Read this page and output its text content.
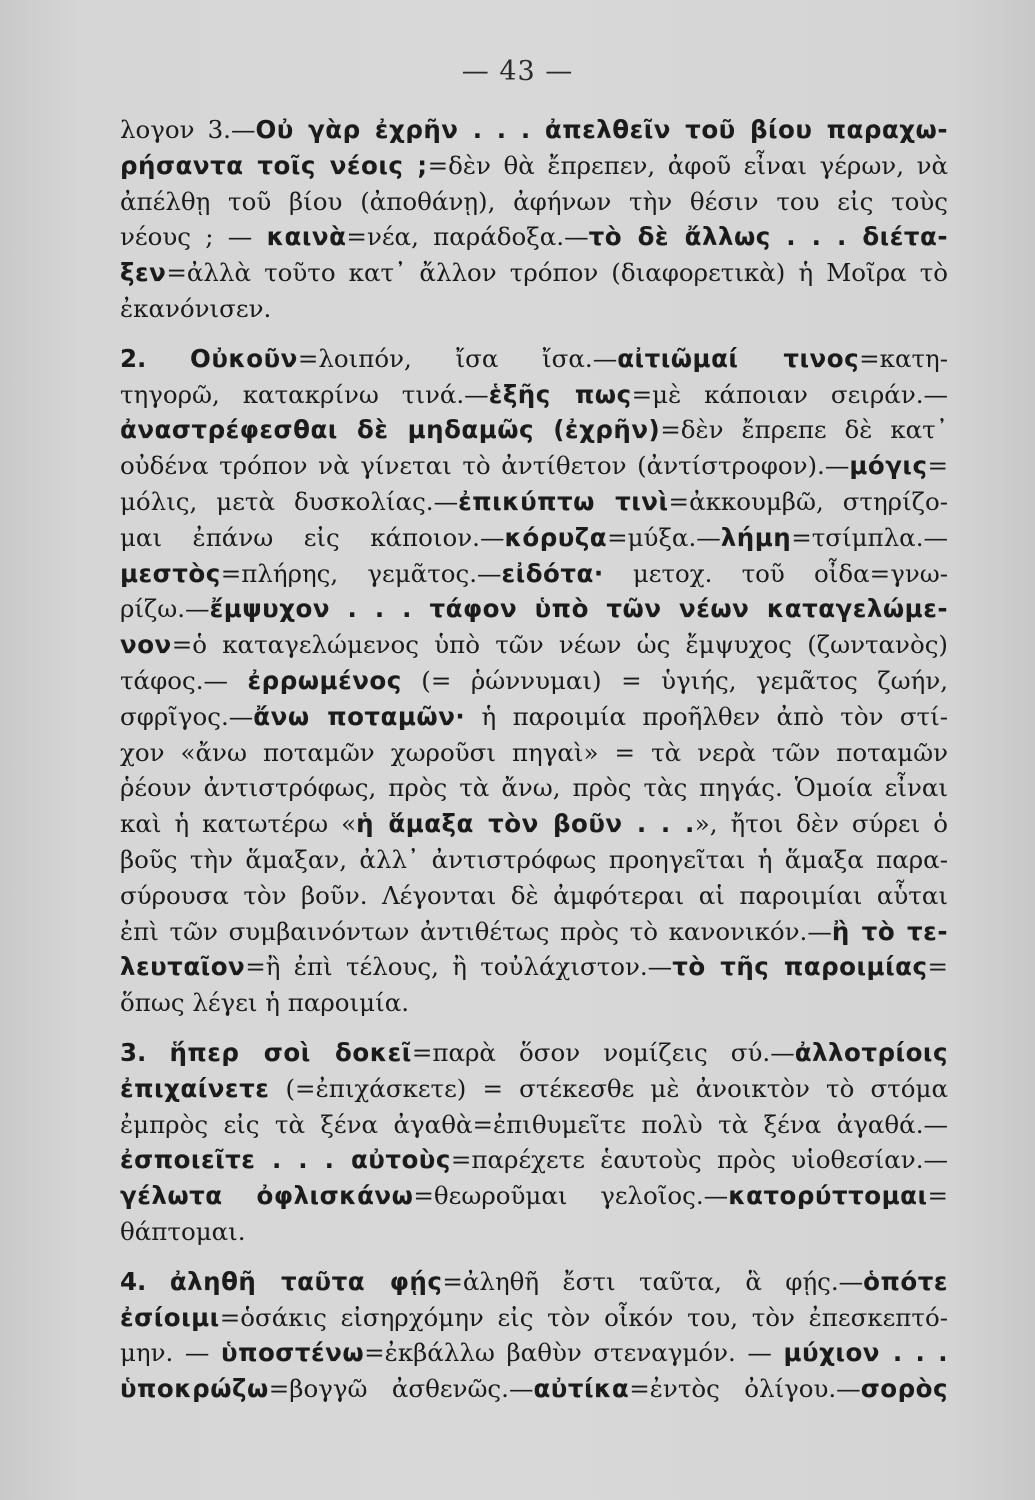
— 43 —
λογον 3.—Οὐ γὰρ ἐχρῆν . . . ἀπελθεῖν τοῦ βίου παραχω-
ρήσαντα τοῖς νέοις ;=δὲν θὰ ἔπρεπεν, ἀφοῦ εἶναι γέρων, νὰ
ἀπέλθῃ τοῦ βίου (ἀποθάνῃ), ἀφήνων τὴν θέσιν του εἰς τοὺς
νέους ; — καινὰ=νέα, παράδοξα.—τὸ δὲ ἄλλως . . . διέτα-
ξεν=ἀλλὰ τοῦτο κατ᾽ ἄλλον τρόπον (διαφορετικὰ) ἡ Μοῖρα τὸ
ἐκανόνισεν.
2. Οὐκοῦν=λοιπόν, ἴσα ἴσα.—αἰτιῶμαί τινος=κατη-
τηγορῶ, κατακρίνω τινά.—ἑξῆς πως=μὲ κάποιαν σειράν.—
ἀναστρέφεσθαι δὲ μηδαμῶς (ἐχρῆν)=δὲν ἔπρεπε δὲ κατ᾽
οὐδένα τρόπον νὰ γίνεται τὸ ἀντίθετον (ἀντίστροφον).—μόγις=
μόλις, μετὰ δυσκολίας.—ἐπικύπτω τινὶ=ἀκκουμβῶ, στηρίζο-
μαι ἐπάνω εἰς κάποιον.—κόρυζα=μύξα.—λήμη=τσίμπλα.—
μεστὸς=πλήρης, γεμᾶτος.—εἰδότα· μετοχ. τοῦ οἶδα=γνω-
ρίζω.—ἔμψυχον . . . τάφον ὑπὸ τῶν νέων καταγελώμε-
νον=ὁ καταγελώμενος ὑπὸ τῶν νέων ὡς ἔμψυχος (ζωντανὸς)
τάφος.— ἐρρωμένος (= ῥώννυμαι) = ὑγιής, γεμᾶτος ζωήν,
σφρῖγος.—ἄνω ποταμῶν· ἡ παροιμία προῆλθεν ἀπὸ τὸν στί-
χον «ἄνω ποταμῶν χωροῦσι πηγαὶ» = τὰ νερὰ τῶν ποταμῶν
ῥέουν ἀντιστρόφως, πρὸς τὰ ἄνω, πρὸς τὰς πηγάς. Ὁμοία εἶναι
καὶ ἡ κατωτέρω «ἡ ἅμαξα τὸν βοῦν . . .», ἤτοι δὲν σύρει ὁ
βοῦς τὴν ἅμαξαν, ἀλλ᾽ ἀντιστρόφως προηγεῖται ἡ ἅμαξα παρα-
σύρουσα τὸν βοῦν. Λέγονται δὲ ἀμφότεραι αἱ παροιμίαι αὗται
ἐπὶ τῶν συμβαινόντων ἀντιθέτως πρὸς τὸ κανονικόν.—ἢ τὸ τε-
λευταῖον=ἢ ἐπὶ τέλους, ἢ τοὐλάχιστον.—τὸ τῆς παροιμίας=
ὅπως λέγει ἡ παροιμία.
3. ἥπερ σοὶ δοκεῖ=παρὰ ὅσον νομίζεις σύ.—ἀλλοτρίοις
ἐπιχαίνετε (=ἐπιχάσκετε) = στέκεσθε μὲ ἀνοικτὸν τὸ στόμα
ἐμπρὸς εἰς τὰ ξένα ἀγαθὰ=ἐπιθυμεῖτε πολὺ τὰ ξένα ἀγαθά.—
ἐσποιεῖτε . . . αὐτοὺς=παρέχετε ἑαυτοὺς πρὸς υἱοθεσίαν.—
γέλωτα ὀφλισκάνω=θεωροῦμαι γελοῖος.—κατορύττομαι=
θάπτομαι.
4. ἀληθῆ ταῦτα φῄς=ἀληθῆ ἔστι ταῦτα, ἃ φῄς.—ὁπότε
ἐσίοιμι=ὁσάκις εἰσηρχόμην εἰς τὸν οἶκόν του, τὸν ἐπεσκεπτό-
μην. — ὑποστένω=ἐκβάλλω βαθὺν στεναγμόν. — μύχιον . . .
ὑποκρώζω=βογγῶ ἀσθενῶς.—αὐτίκα=ἐντὸς ὀλίγου.—σορὸς
